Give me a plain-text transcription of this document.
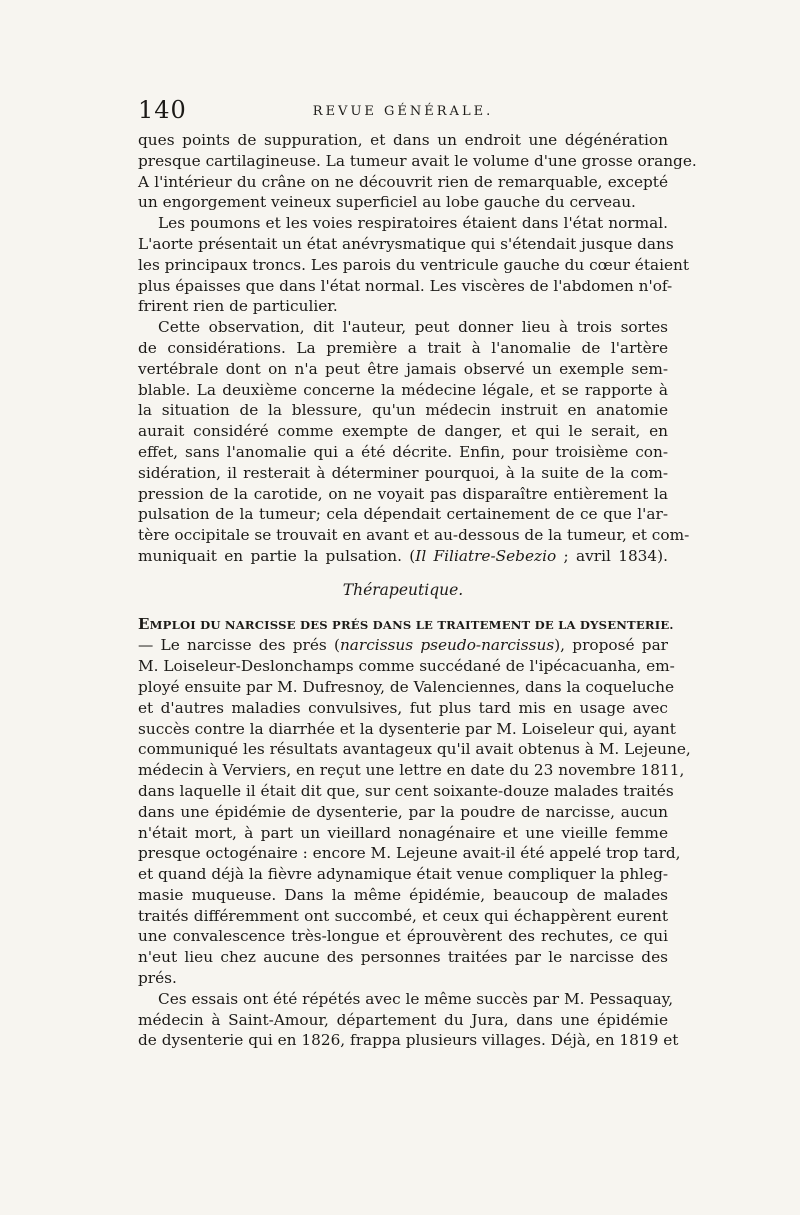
140	REVUE GÉNÉRALE.
ques points de suppuration, et dans un endroit une dégénération
presque cartilagineuse. La tumeur avait le volume d'une grosse orange.
A l'intérieur du crâne on ne découvrit rien de remarquable, excepté
un engorgement veineux superficiel au lobe gauche du cerveau.
Les poumons et les voies respiratoires étaient dans l'état normal.
L'aorte présentait un état anévrysmatique qui s'étendait jusque dans
les principaux troncs. Les parois du ventricule gauche du cœur étaient
plus épaisses que dans l'état normal. Les viscères de l'abdomen n'of-
frirent rien de particulier.
Cette observation, dit l'auteur, peut donner lieu à trois sortes
de considérations. La première a trait à l'anomalie de l'artère
vertébrale dont on n'a peut être jamais observé un exemple sem-
blable. La deuxième concerne la médecine légale, et se rapporte à
la situation de la blessure, qu'un médecin instruit en anatomie
aurait considéré comme exempte de danger, et qui le serait, en
effet, sans l'anomalie qui a été décrite. Enfin, pour troisième con-
sidération, il resterait à déterminer pourquoi, à la suite de la com-
pression de la carotide, on ne voyait pas disparaître entièrement la
pulsation de la tumeur; cela dépendait certainement de ce que l'ar-
tère occipitale se trouvait en avant et au-dessous de la tumeur, et com-
muniquait en partie la pulsation. (Il Filiatre-Sebezio ; avril 1834).
Thérapeutique.
EMPLOI DU NARCISSE DES PRÉS DANS LE TRAITEMENT DE LA DYSENTERIE.
— Le narcisse des prés (narcissus pseudo-narcissus), proposé par
M. Loiseleur-Deslonchamps comme succédané de l'ipécacuanha, em-
ployé ensuite par M. Dufresnoy, de Valenciennes, dans la coqueluche
et d'autres maladies convulsives, fut plus tard mis en usage avec
succès contre la diarrhée et la dysenterie par M. Loiseleur qui, ayant
communiqué les résultats avantageux qu'il avait obtenus à M. Lejeune,
médecin à Verviers, en reçut une lettre en date du 23 novembre 1811,
dans laquelle il était dit que, sur cent soixante-douze malades traités
dans une épidémie de dysenterie, par la poudre de narcisse, aucun
n'était mort, à part un vieillard nonagénaire et une vieille femme
presque octogénaire : encore M. Lejeune avait-il été appelé trop tard,
et quand déjà la fièvre adynamique était venue compliquer la phleg-
masie muqueuse. Dans la même épidémie, beaucoup de malades
traités différemment ont succombé, et ceux qui échappèrent eurent
une convalescence très-longue et éprouvèrent des rechutes, ce qui
n'eut lieu chez aucune des personnes traitées par le narcisse des
prés.
Ces essais ont été répétés avec le même succès par M. Pessaquay,
médecin à Saint-Amour, département du Jura, dans une épidémie
de dysenterie qui en 1826, frappa plusieurs villages. Déjà, en 1819 et
